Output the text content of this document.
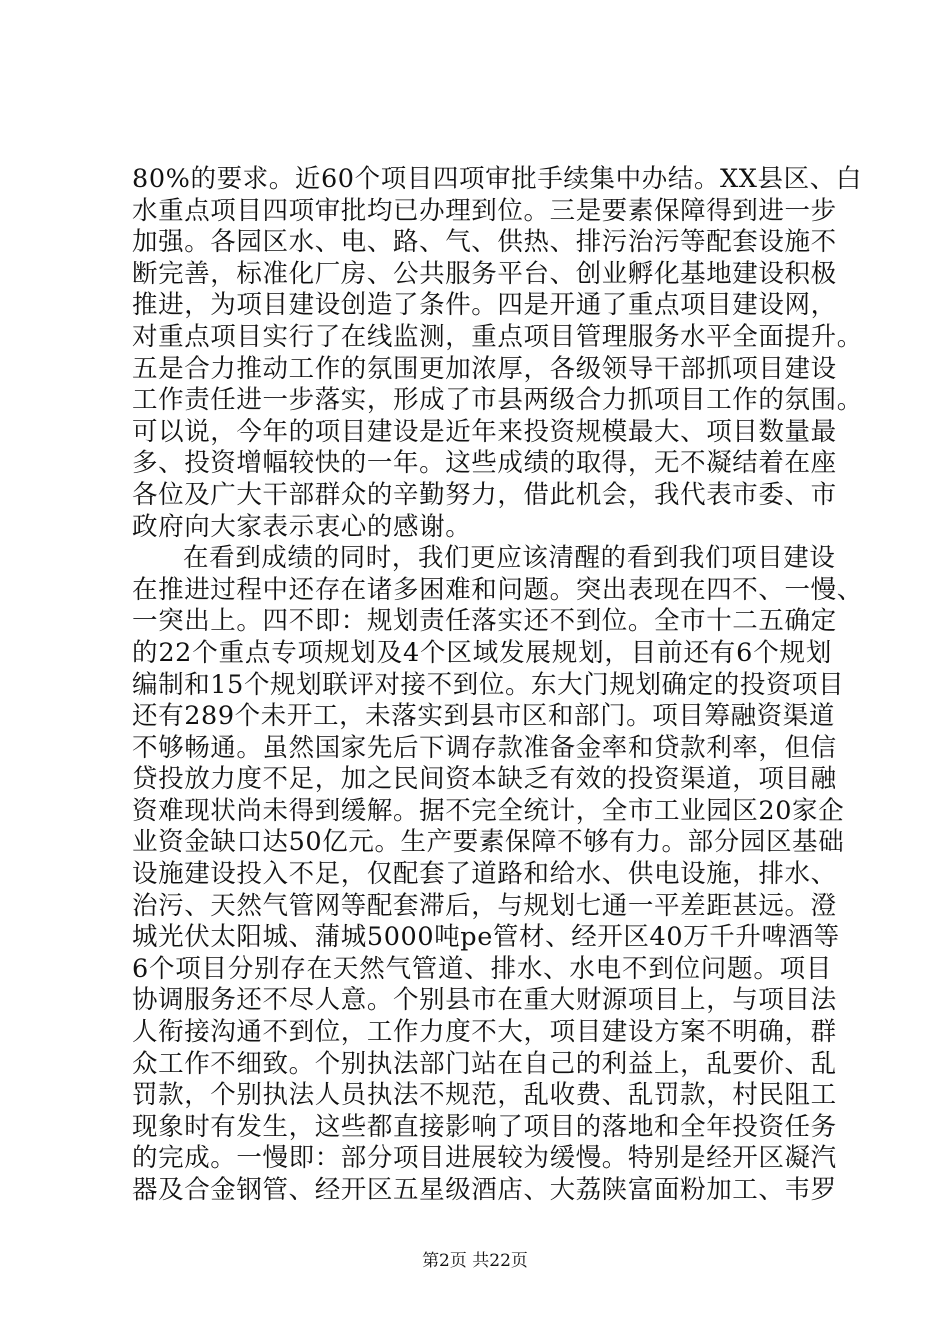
80%的要求。近60个项目四项审批手续集中办结。XX县区、白
水重点项目四项审批均已办理到位。三是要素保障得到进一步
加强。各园区水、电、路、气、供热、排污治污等配套设施不
断完善，标准化厂房、公共服务平台、创业孵化基地建设积极
推进，为项目建设创造了条件。四是开通了重点项目建设网，
对重点项目实行了在线监测，重点项目管理服务水平全面提升。
五是合力推动工作的氛围更加浓厚，各级领导干部抓项目建设
工作责任进一步落实，形成了市县两级合力抓项目工作的氛围。
可以说，今年的项目建设是近年来投资规模最大、项目数量最
多、投资增幅较快的一年。这些成绩的取得，无不凝结着在座
各位及广大干部群众的辛勤努力，借此机会，我代表市委、市
政府向大家表示衷心的感谢。

在看到成绩的同时，我们更应该清醒的看到我们项目建设
在推进过程中还存在诸多困难和问题。突出表现在四不、一慢、
一突出上。四不即：规划责任落实还不到位。全市十二五确定
的22个重点专项规划及4个区域发展规划，目前还有6个规划
编制和15个规划联评对接不到位。东大门规划确定的投资项目
还有289个未开工，未落实到县市区和部门。项目筹融资渠道
不够畅通。虽然国家先后下调存款准备金率和贷款利率，但信
贷投放力度不足，加之民间资本缺乏有效的投资渠道，项目融
资难现状尚未得到缓解。据不完全统计，全市工业园区20家企
业资金缺口达50亿元。生产要素保障不够有力。部分园区基础
设施建设投入不足，仅配套了道路和给水、供电设施，排水、
治污、天然气管网等配套滞后，与规划七通一平差距甚远。澄
城光伏太阳城、蒲城5000吨pe管材、经开区40万千升啤酒等
6个项目分别存在天然气管道、排水、水电不到位问题。项目
协调服务还不尽人意。个别县市在重大财源项目上，与项目法
人衔接沟通不到位，工作力度不大，项目建设方案不明确，群
众工作不细致。个别执法部门站在自己的利益上，乱要价、乱
罚款，个别执法人员执法不规范，乱收费、乱罚款，村民阻工
现象时有发生，这些都直接影响了项目的落地和全年投资任务
的完成。一慢即：部分项目进展较为缓慢。特别是经开区凝汽
器及合金钢管、经开区五星级酒店、大荔陕富面粉加工、韦罗

第2页 共22页
